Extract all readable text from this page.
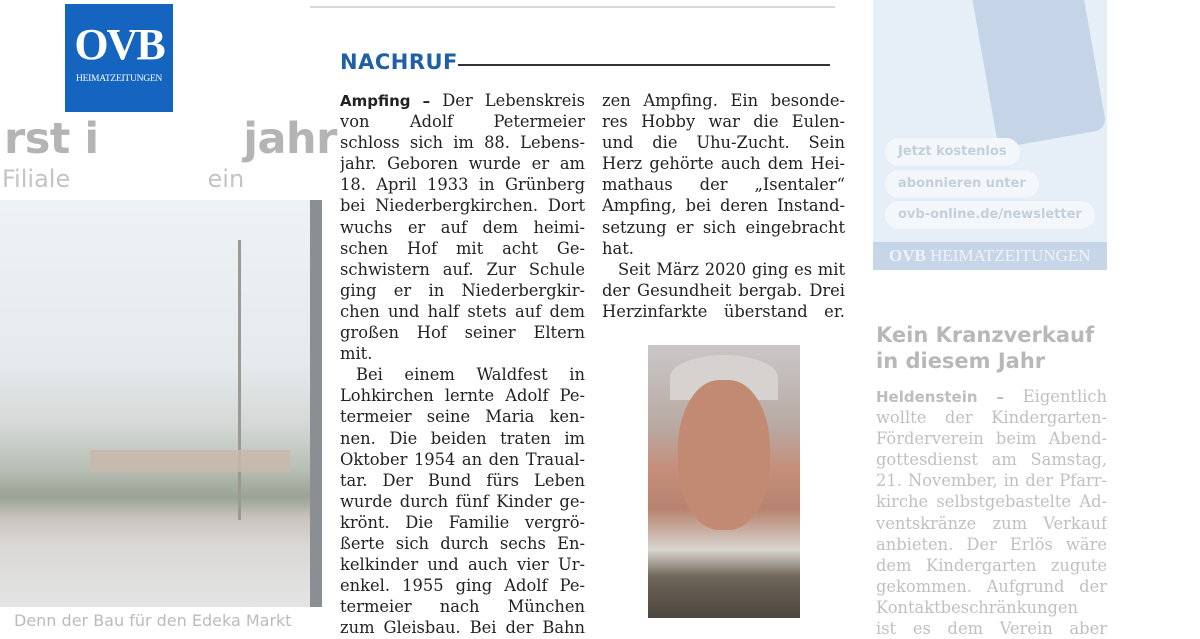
OVB
HEIMATZEITUNGEN
rst i          jahr
Filiale                  ein
Denn der Bau für den Edeka Markt
NACHRUF
Ampfing – Der Lebenskreis
von Adolf Petermeier
schloss sich im 88. Lebens-
jahr. Geboren wurde er am
18. April 1933 in Grünberg
bei Niederbergkirchen. Dort
wuchs er auf dem heimi-
schen Hof mit acht Ge-
schwistern auf. Zur Schule
ging er in Niederbergkir-
chen und half stets auf dem
großen Hof seiner Eltern
mit.
Bei einem Waldfest in
Lohkirchen lernte Adolf Pe-
termeier seine Maria ken-
nen. Die beiden traten im
Oktober 1954 an den Traual-
tar. Der Bund fürs Leben
wurde durch fünf Kinder ge-
krönt. Die Familie vergrö-
ßerte sich durch sechs En-
kelkinder und auch vier Ur-
enkel. 1955 ging Adolf Pe-
termeier nach München
zum Gleisbau. Bei der Bahn
zen Ampfing. Ein besonde-
res Hobby war die Eulen-
und die Uhu-Zucht. Sein
Herz gehörte auch dem Hei-
mathaus der „Isentaler“
Ampfing, bei deren Instand-
setzung er sich eingebracht
hat.
Seit März 2020 ging es mit
der Gesundheit bergab. Drei
Herzinfarkte überstand er.
Jetzt kostenlos
abonnieren unter
ovb-online.de/newsletter
OVB HEIMATZEITUNGEN
Kein Kranzverkauf
in diesem Jahr
Heldenstein – Eigentlich
wollte der Kindergarten-
Förderverein beim Abend-
gottesdienst am Samstag,
21. November, in der Pfarr-
kirche selbstgebastelte Ad-
ventskränze zum Verkauf
anbieten. Der Erlös wäre
dem Kindergarten zugute
gekommen. Aufgrund der
Kontaktbeschränkungen
ist es dem Verein aber
